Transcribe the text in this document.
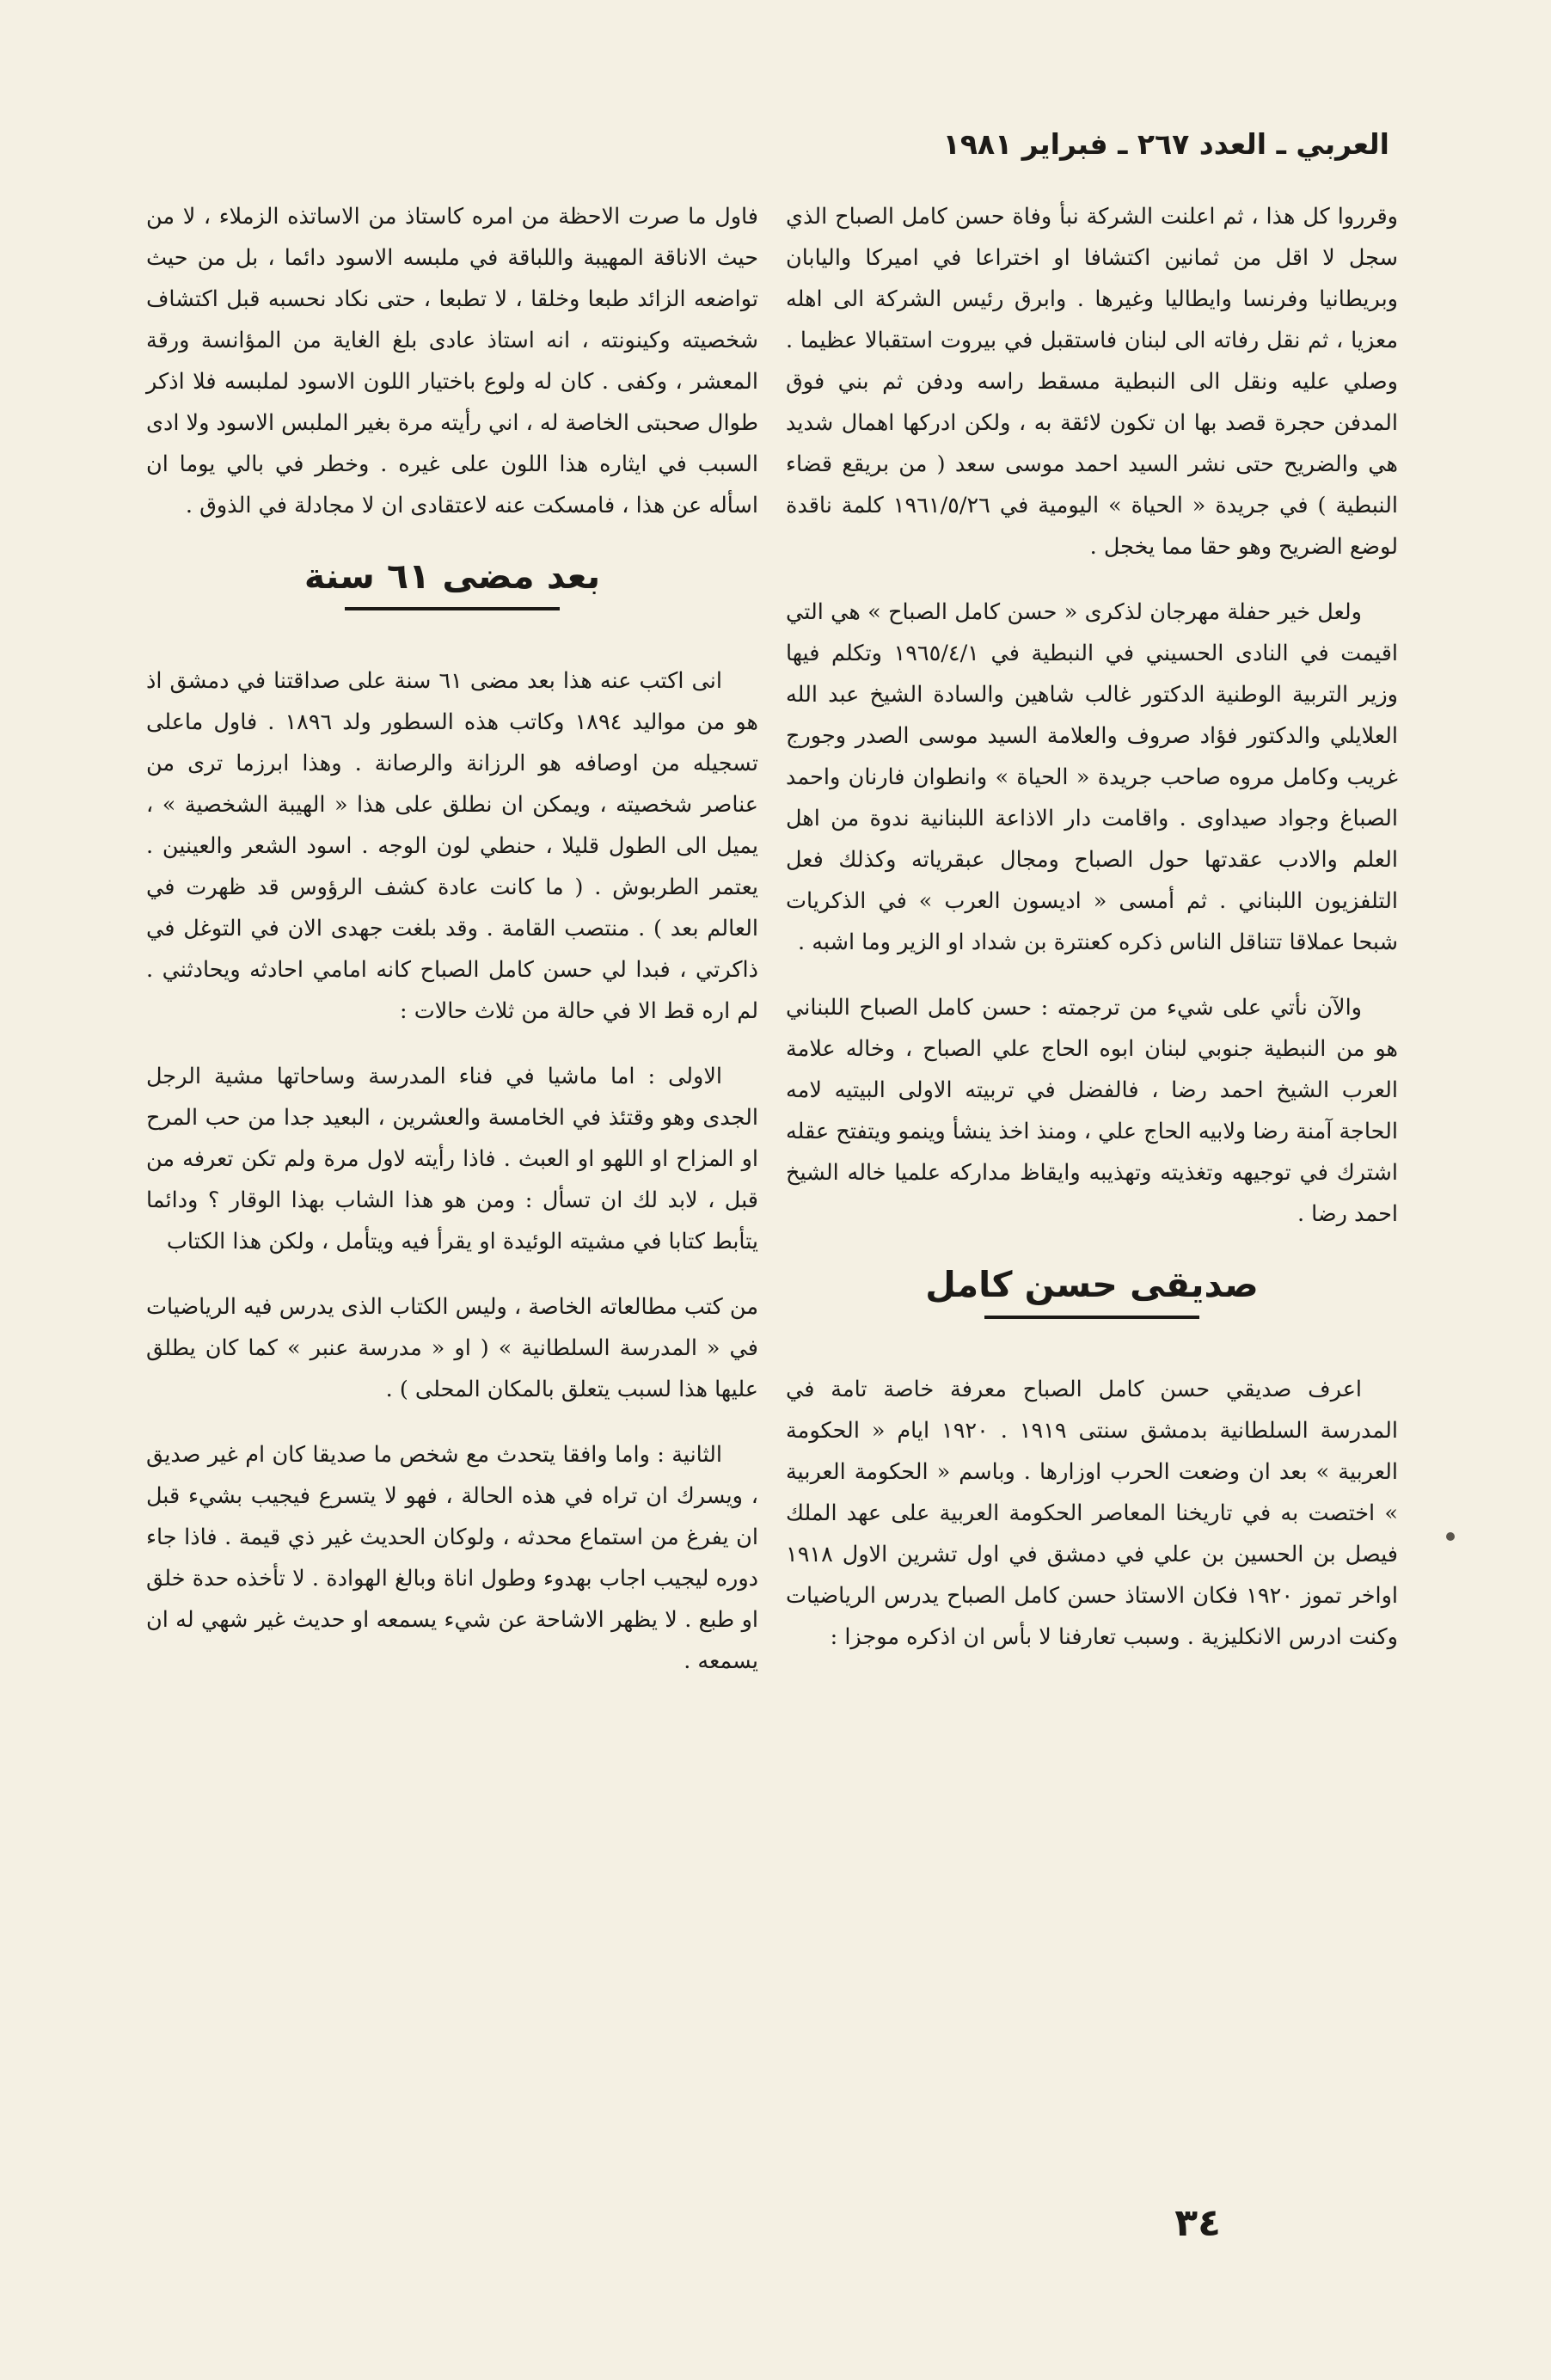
العربي ـ العدد ٢٦٧ ـ فبراير ١٩٨١

وقرروا كل هذا ، ثم اعلنت الشركة نبأ وفاة حسن كامل الصباح الذي سجل لا اقل من ثمانين اكتشافا او اختراعا في اميركا واليابان وبريطانيا وفرنسا وايطاليا وغيرها . وابرق رئيس الشركة الى اهله معزيا ، ثم نقل رفاته الى لبنان فاستقبل في بيروت استقبالا عظيما . وصلي عليه ونقل الى النبطية مسقط راسه ودفن ثم بني فوق المدفن حجرة قصد بها ان تكون لائقة به ، ولكن ادركها اهمال شديد هي والضريح حتى نشر السيد احمد موسى سعد ( من بريقع قضاء النبطية ) في جريدة « الحياة » اليومية في ١٩٦١/٥/٢٦ كلمة ناقدة لوضع الضريح وهو حقا مما يخجل .

ولعل خير حفلة مهرجان لذكرى « حسن كامل الصباح » هي التي اقيمت في النادى الحسيني في النبطية في ١٩٦٥/٤/١ وتكلم فيها وزير التربية الوطنية الدكتور غالب شاهين والسادة الشيخ عبد الله العلايلي والدكتور فؤاد صروف والعلامة السيد موسى الصدر وجورج غريب وكامل مروه صاحب جريدة « الحياة » وانطوان فارنان واحمد الصباغ وجواد صيداوى . واقامت دار الاذاعة اللبنانية ندوة من اهل العلم والادب عقدتها حول الصباح ومجال عبقرياته وكذلك فعل التلفزيون اللبناني . ثم أمسى « اديسون العرب » في الذكريات شبحا عملاقا تتناقل الناس ذكره كعنترة بن شداد او الزير وما اشبه .

والآن نأتي على شيء من ترجمته : حسن كامل الصباح اللبناني هو من النبطية جنوبي لبنان ابوه الحاج علي الصباح ، وخاله علامة العرب الشيخ احمد رضا ، فالفضل في تربيته الاولى البيتيه لامه الحاجة آمنة رضا ولابيه الحاج علي ، ومنذ اخذ ينشأ وينمو ويتفتح عقله اشترك في توجيهه وتغذيته وتهذيبه وايقاظ مداركه علميا خاله الشيخ احمد رضا .

صديقى حسن كامل

اعرف صديقي حسن كامل الصباح معرفة خاصة تامة في المدرسة السلطانية بدمشق سنتى ١٩١٩ . ١٩٢٠ ايام « الحكومة العربية » بعد ان وضعت الحرب اوزارها . وباسم « الحكومة العربية » اختصت به في تاريخنا المعاصر الحكومة العربية على عهد الملك فيصل بن الحسين بن علي في دمشق في اول تشرين الاول ١٩١٨ اواخر تموز ١٩٢٠ فكان الاستاذ حسن كامل الصباح يدرس الرياضيات وكنت ادرس الانكليزية . وسبب تعارفنا لا بأس ان اذكره موجزا :

فاول ما صرت الاحظة من امره كاستاذ من الاساتذه الزملاء ، لا من حيث الاناقة المهيبة واللباقة في ملبسه الاسود دائما ، بل من حيث تواضعه الزائد طبعا وخلقا ، لا تطبعا ، حتى نكاد نحسبه قبل اكتشاف شخصيته وكينونته ، انه استاذ عادى بلغ الغاية من المؤانسة ورقة المعشر ، وكفى . كان له ولوع باختيار اللون الاسود لملبسه فلا اذكر طوال صحبتى الخاصة له ، اني رأيته مرة بغير الملبس الاسود ولا ادى السبب في ايثاره هذا اللون على غيره . وخطر في بالي يوما ان اسأله عن هذا ، فامسكت عنه لاعتقادى ان لا مجادلة في الذوق .

بعد مضى ٦١ سنة

انى اكتب عنه هذا بعد مضى ٦١ سنة على صداقتنا في دمشق اذ هو من مواليد ١٨٩٤ وكاتب هذه السطور ولد ١٨٩٦ . فاول ماعلى تسجيله من اوصافه هو الرزانة والرصانة . وهذا ابرزما ترى من عناصر شخصيته ، ويمكن ان نطلق على هذا « الهيبة الشخصية » ، يميل الى الطول قليلا ، حنطي لون الوجه . اسود الشعر والعينين . يعتمر الطربوش . ( ما كانت عادة كشف الرؤوس قد ظهرت في العالم بعد ) . منتصب القامة . وقد بلغت جهدى الان في التوغل في ذاكرتي ، فبدا لي حسن كامل الصباح كانه امامي احادثه ويحادثني . لم اره قط الا في حالة من ثلاث حالات :

الاولى : اما ماشيا في فناء المدرسة وساحاتها مشية الرجل الجدى وهو وقتئذ في الخامسة والعشرين ، البعيد جدا من حب المرح او المزاح او اللهو او العبث . فاذا رأيته لاول مرة ولم تكن تعرفه من قبل ، لابد لك ان تسأل : ومن هو هذا الشاب بهذا الوقار ؟ ودائما يتأبط كتابا في مشيته الوئيدة او يقرأ فيه ويتأمل ، ولكن هذا الكتاب

من كتب مطالعاته الخاصة ، وليس الكتاب الذى يدرس فيه الرياضيات في « المدرسة السلطانية » ( او « مدرسة عنبر » كما كان يطلق عليها هذا لسبب يتعلق بالمكان المحلى ) .

الثانية : واما وافقا يتحدث مع شخص ما صديقا كان ام غير صديق ، ويسرك ان تراه في هذه الحالة ، فهو لا يتسرع فيجيب بشيء قبل ان يفرغ من استماع محدثه ، ولوكان الحديث غير ذي قيمة . فاذا جاء دوره ليجيب اجاب بهدوء وطول اناة وبالغ الهوادة . لا تأخذه حدة خلق او طبع . لا يظهر الاشاحة عن شيء يسمعه او حديث غير شهي له ان يسمعه .

٣٤
